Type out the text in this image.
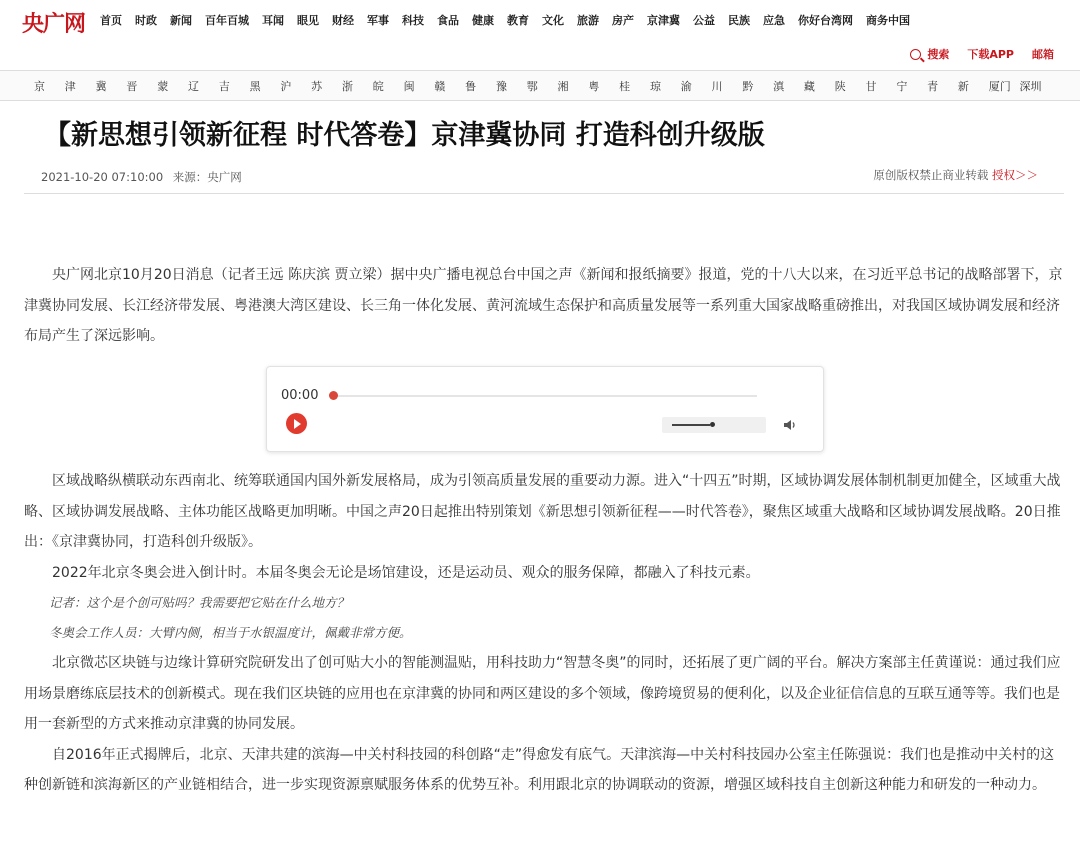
央广网 首页 时政 新闻 百年百城 耳闻 眼见 财经 军事 科技 食品 健康 教育 文化 旅游 房产 京津冀 公益 民族 应急 你好台湾网 商务中国
搜索 下载APP 邮箱
京	津	冀	晋	蒙	辽	吉	黑	沪	苏	浙	皖	闽	赣	鲁	豫	鄂	湘	粤	桂	琼	渝	川	黔	滇	藏	陕	甘	宁	青	新	厦门 深圳
【新思想引领新征程 时代答卷】京津冀协同 打造科创升级版
2021-10-20 07:10:00 来源：央广网	原创版权禁止商业转载 授权＞＞

央广网北京10月20日消息（记者王远 陈庆滨 贾立梁）据中央广播电视总台中国之声《新闻和报纸摘要》报道，党的十八大以来，在习近平总书记的战略部署下，京津冀协同发展、长江经济带发展、粤港澳大湾区建设、长三角一体化发展、黄河流域生态保护和高质量发展等一系列重大国家战略重磅推出，对我国区域协调发展和经济布局产生了深远影响。

00:00

区域战略纵横联动东西南北、统筹联通国内国外新发展格局，成为引领高质量发展的重要动力源。进入“十四五”时期，区域协调发展体制机制更加健全，区域重大战略、区域协调发展战略、主体功能区战略更加明晰。中国之声20日起推出特别策划《新思想引领新征程——时代答卷》，聚焦区域重大战略和区域协调发展战略。20日推出：《京津冀协同，打造科创升级版》。

2022年北京冬奥会进入倒计时。本届冬奥会无论是场馆建设，还是运动员、观众的服务保障，都融入了科技元素。

记者：这个是个创可贴吗？我需要把它贴在什么地方？

冬奥会工作人员：大臂内侧，相当于水银温度计，佩戴非常方便。

北京微芯区块链与边缘计算研究院研发出了创可贴大小的智能测温贴，用科技助力“智慧冬奥”的同时，还拓展了更广阔的平台。解决方案部主任黄谨说：通过我们应用场景磨练底层技术的创新模式。现在我们区块链的应用也在京津冀的协同和两区建设的多个领域，像跨境贸易的便利化，以及企业征信信息的互联互通等等。我们也是用一套新型的方式来推动京津冀的协同发展。

自2016年正式揭牌后，北京、天津共建的滨海—中关村科技园的科创路“走”得愈发有底气。天津滨海—中关村科技园办公室主任陈强说：我们也是推动中关村的这种创新链和滨海新区的产业链相结合，进一步实现资源禀赋服务体系的优势互补。利用跟北京的协调联动的资源，增强区域科技自主创新这种能力和研发的一种动力。
